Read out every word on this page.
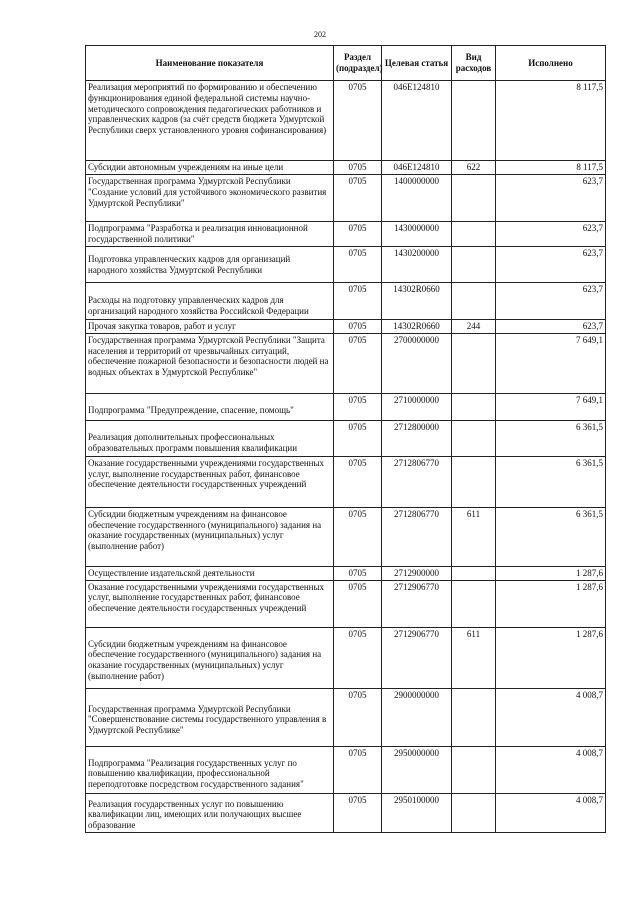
202
Наименование показателя	Раздел (подраздел)	Целевая статья	Вид расходов	Исполнено
Реализация мероприятий по формированию и обеспечению функционирования единой федеральной системы научно-методического сопровождения педагогических работников и управленческих кадров (за счёт средств бюджета Удмуртской Республики сверх установленного уровня софинансирования)	0705	046E124810		8 117,5
Субсидии автономным учреждениям на иные цели	0705	046E124810	622	8 117,5
Государственная программа Удмуртской Республики "Создание условий для устойчивого экономического развития Удмуртской Республики"	0705	1400000000		623,7
Подпрограмма "Разработка и реализация инновационной государственной политики"	0705	1430000000		623,7
Подготовка управленческих кадров для организаций народного хозяйства Удмуртской Республики	0705	1430200000		623,7
Расходы на подготовку управленческих кадров для организаций народного хозяйства Российской Федерации	0705	14302R0660		623,7
Прочая закупка товаров, работ и услуг	0705	14302R0660	244	623,7
Государственная программа Удмуртской Республики "Защита населения и территорий от чрезвычайных ситуаций, обеспечение пожарной безопасности и безопасности людей на водных объектах в Удмуртской Республике"	0705	2700000000		7 649,1
Подпрограмма "Предупреждение, спасение, помощь"	0705	2710000000		7 649,1
Реализация дополнительных профессиональных образовательных программ повышения квалификации	0705	2712800000		6 361,5
Оказание государственными учреждениями государственных услуг, выполнение государственных работ, финансовое обеспечение деятельности государственных учреждений	0705	2712806770		6 361,5
Субсидии бюджетным учреждениям на финансовое обеспечение государственного (муниципального) задания на оказание государственных (муниципальных) услуг (выполнение работ)	0705	2712806770	611	6 361,5
Осуществление издательской деятельности	0705	2712900000		1 287,6
Оказание государственными учреждениями государственных услуг, выполнение государственных работ, финансовое обеспечение деятельности государственных учреждений	0705	2712906770		1 287,6
Субсидии бюджетным учреждениям на финансовое обеспечение государственного (муниципального) задания на оказание государственных (муниципальных) услуг (выполнение работ)	0705	2712906770	611	1 287,6
Государственная программа Удмуртской Республики "Совершенствование системы государственного управления в Удмуртской Республике"	0705	2900000000		4 008,7
Подпрограмма "Реализация государственных услуг по повышению квалификации, профессиональной переподготовке посредством государственного задания"	0705	2950000000		4 008,7
Реализация государственных услуг по повышению квалификации лиц, имеющих или получающих высшее образование	0705	2950100000		4 008,7
